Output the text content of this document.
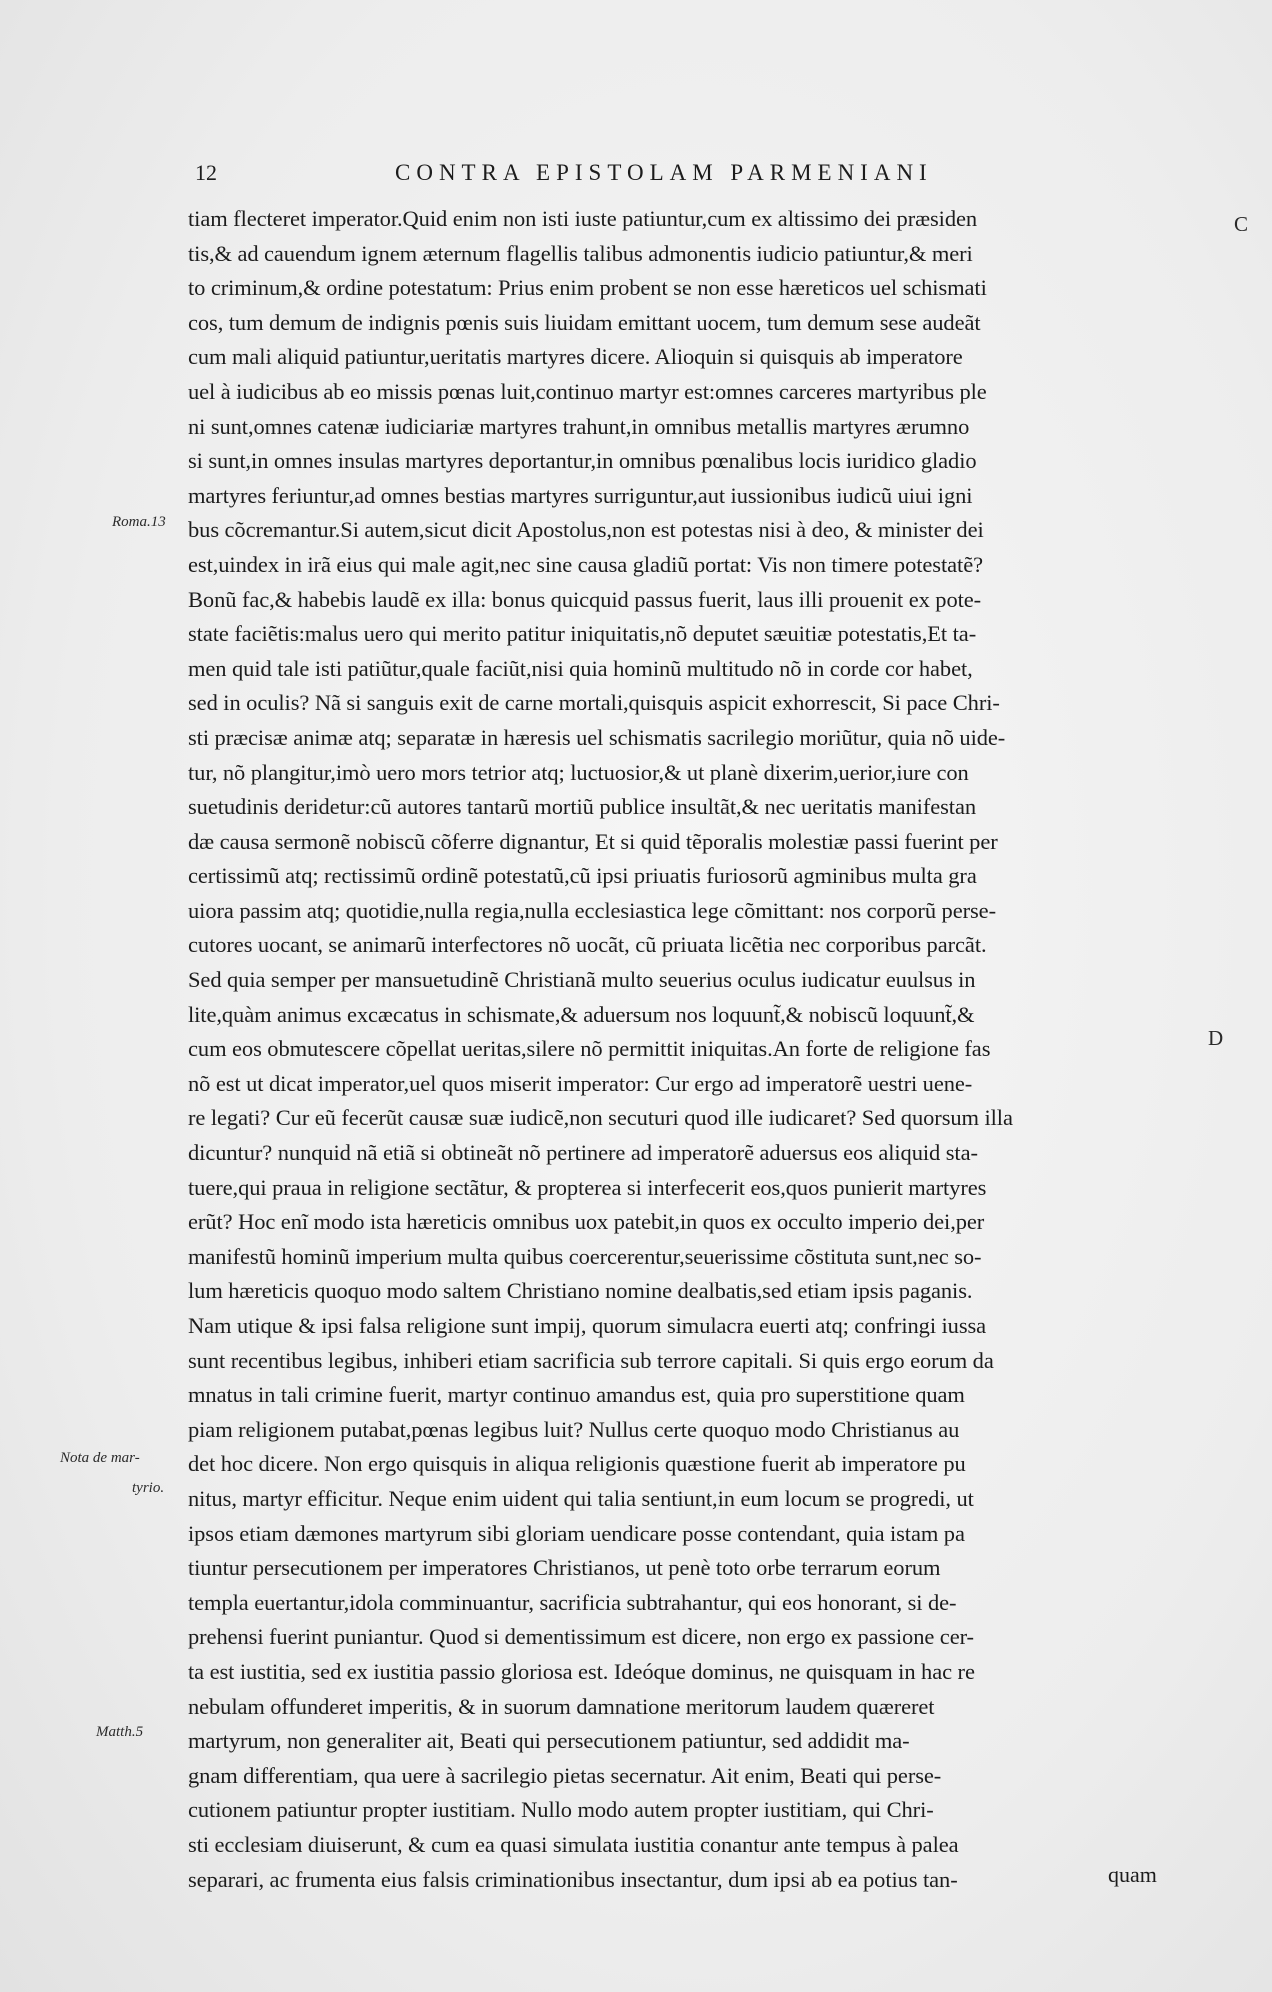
12	CONTRA EPISTOLAM PARMENIANI
tiam flecteret imperator.Quid enim non isti iuste patiuntur,cum ex altissimo dei præsiden
tis,& ad cauendum ignem æternum flagellis talibus admonentis iudicio patiuntur,& meri
to criminum,& ordine potestatum: Prius enim probent se non esse hæreticos uel schismati
cos, tum demum de indignis pœnis suis liuidam emittant uocem, tum demum sese audeãt
cum mali aliquid patiuntur,ueritatis martyres dicere. Alioquin si quisquis ab imperatore
uel à iudicibus ab eo missis pœnas luit,continuo martyr est:omnes carceres martyribus ple
ni sunt,omnes catenæ iudiciariæ martyres trahunt,in omnibus metallis martyres ærumno
si sunt,in omnes insulas martyres deportantur,in omnibus pœnalibus locis iuridico gladio
martyres feriuntur,ad omnes bestias martyres surriguntur,aut iussionibus iudicũ uiui igni
bus cõcremantur.Si autem,sicut dicit Apostolus,non est potestas nisi à deo, & minister dei
est,uindex in irã eius qui male agit,nec sine causa gladiũ portat: Vis non timere potestatẽ?
Bonũ fac,& habebis laudẽ ex illa: bonus quicquid passus fuerit, laus illi prouenit ex pote-
state faciẽtis:malus uero qui merito patitur iniquitatis,nõ deputet sæuitiæ potestatis,Et ta-
men quid tale isti patiũtur,quale faciũt,nisi quia hominũ multitudo nõ in corde cor habet,
sed in oculis? Nã si sanguis exit de carne mortali,quisquis aspicit exhorrescit, Si pace Chri-
sti præcisæ animæ atq; separatæ in hæresis uel schismatis sacrilegio moriũtur, quia nõ uide-
tur, nõ plangitur,imò uero mors tetrior atq; luctuosior,& ut planè dixerim,uerior,iure con
suetudinis deridetur:cũ autores tantarũ mortiũ publice insultãt,& nec ueritatis manifestan
dæ causa sermonẽ nobiscũ cõferre dignantur, Et si quid tẽporalis molestiæ passi fuerint per
certissimũ atq; rectissimũ ordinẽ potestatũ,cũ ipsi priuatis furiosorũ agminibus multa gra
uiora passim atq; quotidie,nulla regia,nulla ecclesiastica lege cõmittant: nos corporũ perse-
cutores uocant, se animarũ interfectores nõ uocãt, cũ priuata licẽtia nec corporibus parcãt.
Sed quia semper per mansuetudinẽ Christianã multo seuerius oculus iudicatur euulsus in
lite,quàm animus excæcatus in schismate,& aduersum nos loquunt̃,& nobiscũ loquunt̃,&
cum eos obmutescere cõpellat ueritas,silere nõ permittit iniquitas.An forte de religione fas
nõ est ut dicat imperator,uel quos miserit imperator: Cur ergo ad imperatorẽ uestri uene-
re legati? Cur eũ fecerũt causæ suæ iudicẽ,non secuturi quod ille iudicaret? Sed quorsum illa
dicuntur? nunquid nã etiã si obtineãt nõ pertinere ad imperatorẽ aduersus eos aliquid sta-
tuere,qui praua in religione sectãtur, & propterea si interfecerit eos,quos punierit martyres
erũt? Hoc enĩ modo ista hæreticis omnibus uox patebit,in quos ex occulto imperio dei,per
manifestũ hominũ imperium multa quibus coercerentur,seuerissime cõstituta sunt,nec so-
lum hæreticis quoquo modo saltem Christiano nomine dealbatis,sed etiam ipsis paganis.
Nam utique & ipsi falsa religione sunt impij, quorum simulacra euerti atq; confringi iussa
sunt recentibus legibus, inhiberi etiam sacrificia sub terrore capitali. Si quis ergo eorum da
mnatus in tali crimine fuerit, martyr continuo amandus est, quia pro superstitione quam
piam religionem putabat,pœnas legibus luit? Nullus certe quoquo modo Christianus au
det hoc dicere. Non ergo quisquis in aliqua religionis quæstione fuerit ab imperatore pu
nitus, martyr efficitur. Neque enim uident qui talia sentiunt,in eum locum se progredi, ut
ipsos etiam dæmones martyrum sibi gloriam uendicare posse contendant, quia istam pa
tiuntur persecutionem per imperatores Christianos, ut penè toto orbe terrarum eorum
templa euertantur,idola comminuantur, sacrificia subtrahantur, qui eos honorant, si de-
prehensi fuerint puniantur. Quod si dementissimum est dicere, non ergo ex passione cer-
ta est iustitia, sed ex iustitia passio gloriosa est. Ideóque dominus, ne quisquam in hac re
nebulam offunderet imperitis, & in suorum damnatione meritorum laudem quæreret
martyrum, non generaliter ait, Beati qui persecutionem patiuntur, sed addidit ma-
gnam differentiam, qua uere à sacrilegio pietas secernatur. Ait enim, Beati qui perse-
cutionem patiuntur propter iustitiam. Nullo modo autem propter iustitiam, qui Chri-
sti ecclesiam diuiserunt, & cum ea quasi simulata iustitia conantur ante tempus à palea
separari, ac frumenta eius falsis criminationibus insectantur, dum ipsi ab ea potius tan-
Roma.13
Nota de mar-
tyrio.
Matth.5
C
D
quam
